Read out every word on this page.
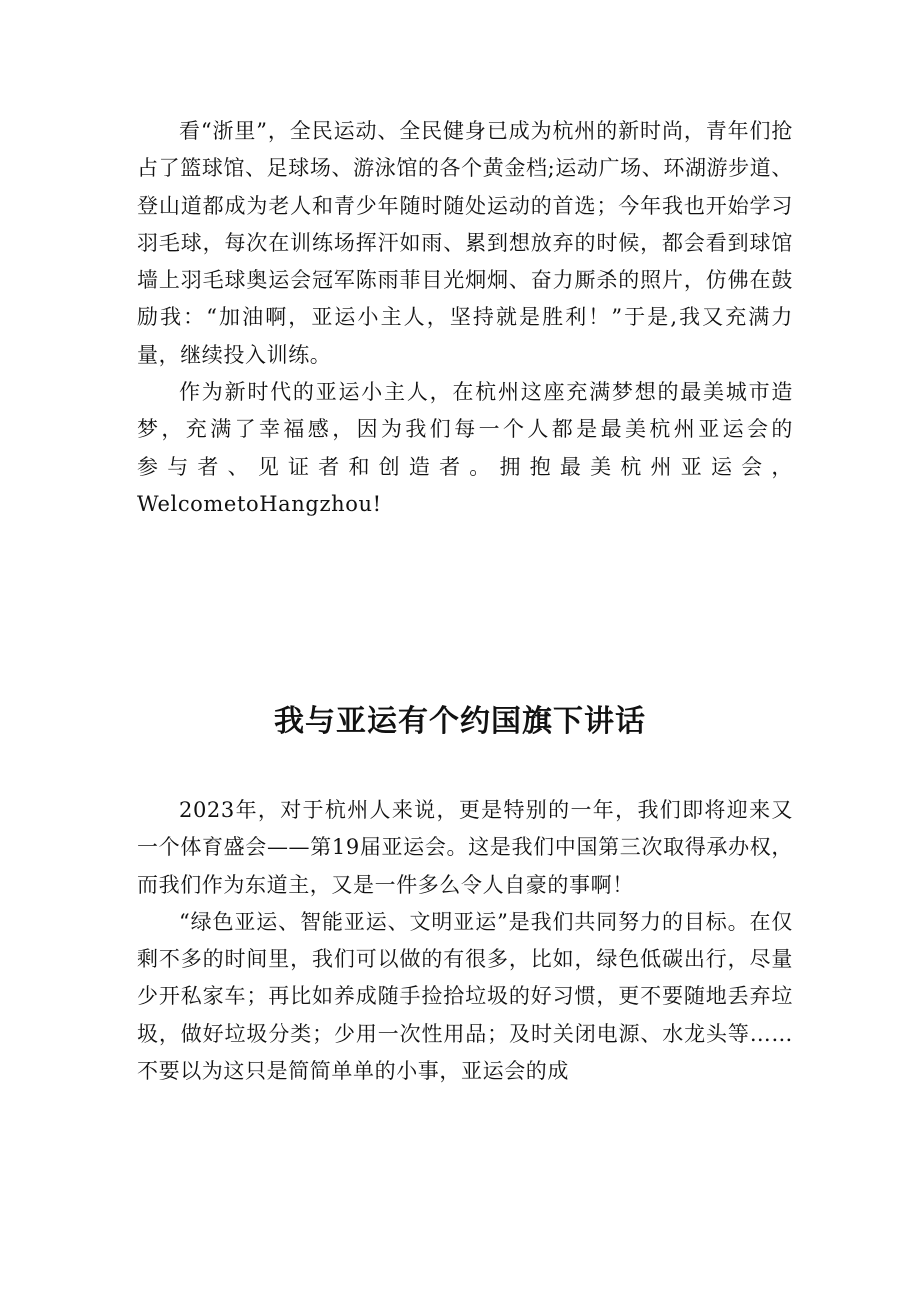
看“浙里”，全民运动、全民健身已成为杭州的新时尚，青年们抢占了篮球馆、足球场、游泳馆的各个黄金档;运动广场、环湖游步道、登山道都成为老人和青少年随时随处运动的首选；今年我也开始学习羽毛球，每次在训练场挥汗如雨、累到想放弃的时候，都会看到球馆墙上羽毛球奥运会冠军陈雨菲目光炯炯、奋力厮杀的照片，仿佛在鼓励我：“加油啊，亚运小主人，坚持就是胜利！”于是,我又充满力量，继续投入训练。

作为新时代的亚运小主人，在杭州这座充满梦想的最美城市造梦，充满了幸福感，因为我们每一个人都是最美杭州亚运会的

参与者、见证者和创造者。拥抱最美杭州亚运会，

WelcometoHangzhou!

我与亚运有个约国旗下讲话

2023年，对于杭州人来说，更是特别的一年，我们即将迎来又一个体育盛会——第19届亚运会。这是我们中国第三次取得承办权，而我们作为东道主，又是一件多么令人自豪的事啊！

“绿色亚运、智能亚运、文明亚运”是我们共同努力的目标。在仅剩不多的时间里，我们可以做的有很多，比如，绿色低碳出行，尽量少开私家车；再比如养成随手捡拾垃圾的好习惯，更不要随地丢弃垃圾，做好垃圾分类；少用一次性用品；及时关闭电源、水龙头等……不要以为这只是简简单单的小事，亚运会的成
